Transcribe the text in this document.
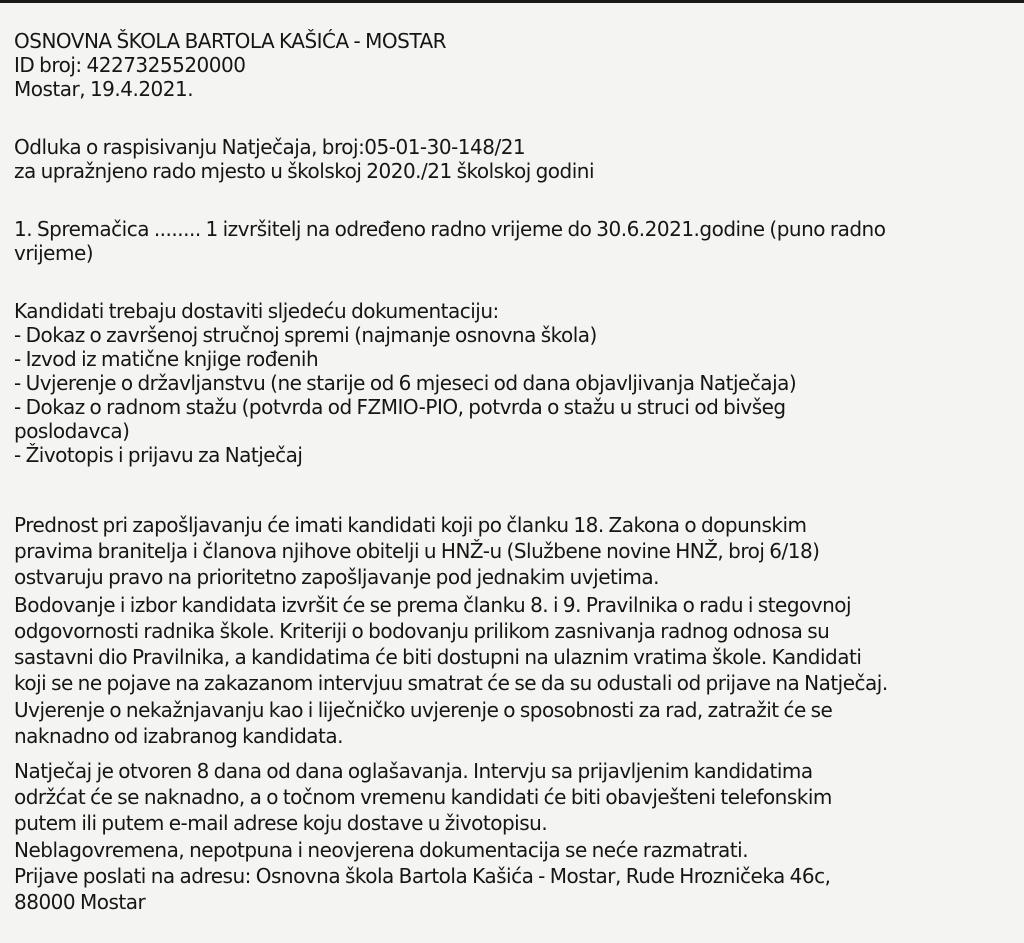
OSNOVNA ŠKOLA BARTOLA KAŠIĆA - MOSTAR

ID broj: 4227325520000

Mostar, 19.4.2021.

Odluka o raspisivanju Natječaja, broj:05-01-30-148/21

za upražnjeno rado mjesto u školskoj 2020./21 školskoj godini

1. Spremačica ........ 1 izvršitelj na određeno radno vrijeme do 30.6.2021.godine (puno radno

vrijeme)

Kandidati trebaju dostaviti sljedeću dokumentaciju:

- Dokaz o završenoj stručnoj spremi (najmanje osnovna škola)

- Izvod iz matične knjige rođenih

- Uvjerenje o državljanstvu (ne starije od 6 mjeseci od dana objavljivanja Natječaja)

- Dokaz o radnom stažu (potvrda od FZMIO-PIO, potvrda o stažu u struci od bivšeg

poslodavca)

- Životopis i prijavu za Natječaj

Prednost pri zapošljavanju će imati kandidati koji po članku 18. Zakona o dopunskim

pravima branitelja i članova njihove obitelji u HNŽ-u (Službene novine HNŽ, broj 6/18)

ostvaruju pravo na prioritetno zapošljavanje pod jednakim uvjetima.

Bodovanje i izbor kandidata izvršit će se prema članku 8. i 9. Pravilnika o radu i stegovnoj

odgovornosti radnika škole. Kriteriji o bodovanju prilikom zasnivanja radnog odnosa su

sastavni dio Pravilnika, a kandidatima će biti dostupni na ulaznim vratima škole. Kandidati

koji se ne pojave na zakazanom intervjuu smatrat će se da su odustali od prijave na Natječaj.

Uvjerenje o nekažnjavanju kao i liječničko uvjerenje o sposobnosti za rad, zatražit će se

naknadno od izabranog kandidata.

Natječaj je otvoren 8 dana od dana oglašavanja. Intervju sa prijavljenim kandidatima

održćat će se naknadno, a o točnom vremenu kandidati će biti obavješteni telefonskim

putem ili putem e-mail adrese koju dostave u životopisu.

Neblagovremena, nepotpuna i neovjerena dokumentacija se neće razmatrati.

Prijave poslati na adresu: Osnovna škola Bartola Kašića - Mostar, Rude Hrozničeka 46c,

88000 Mostar
